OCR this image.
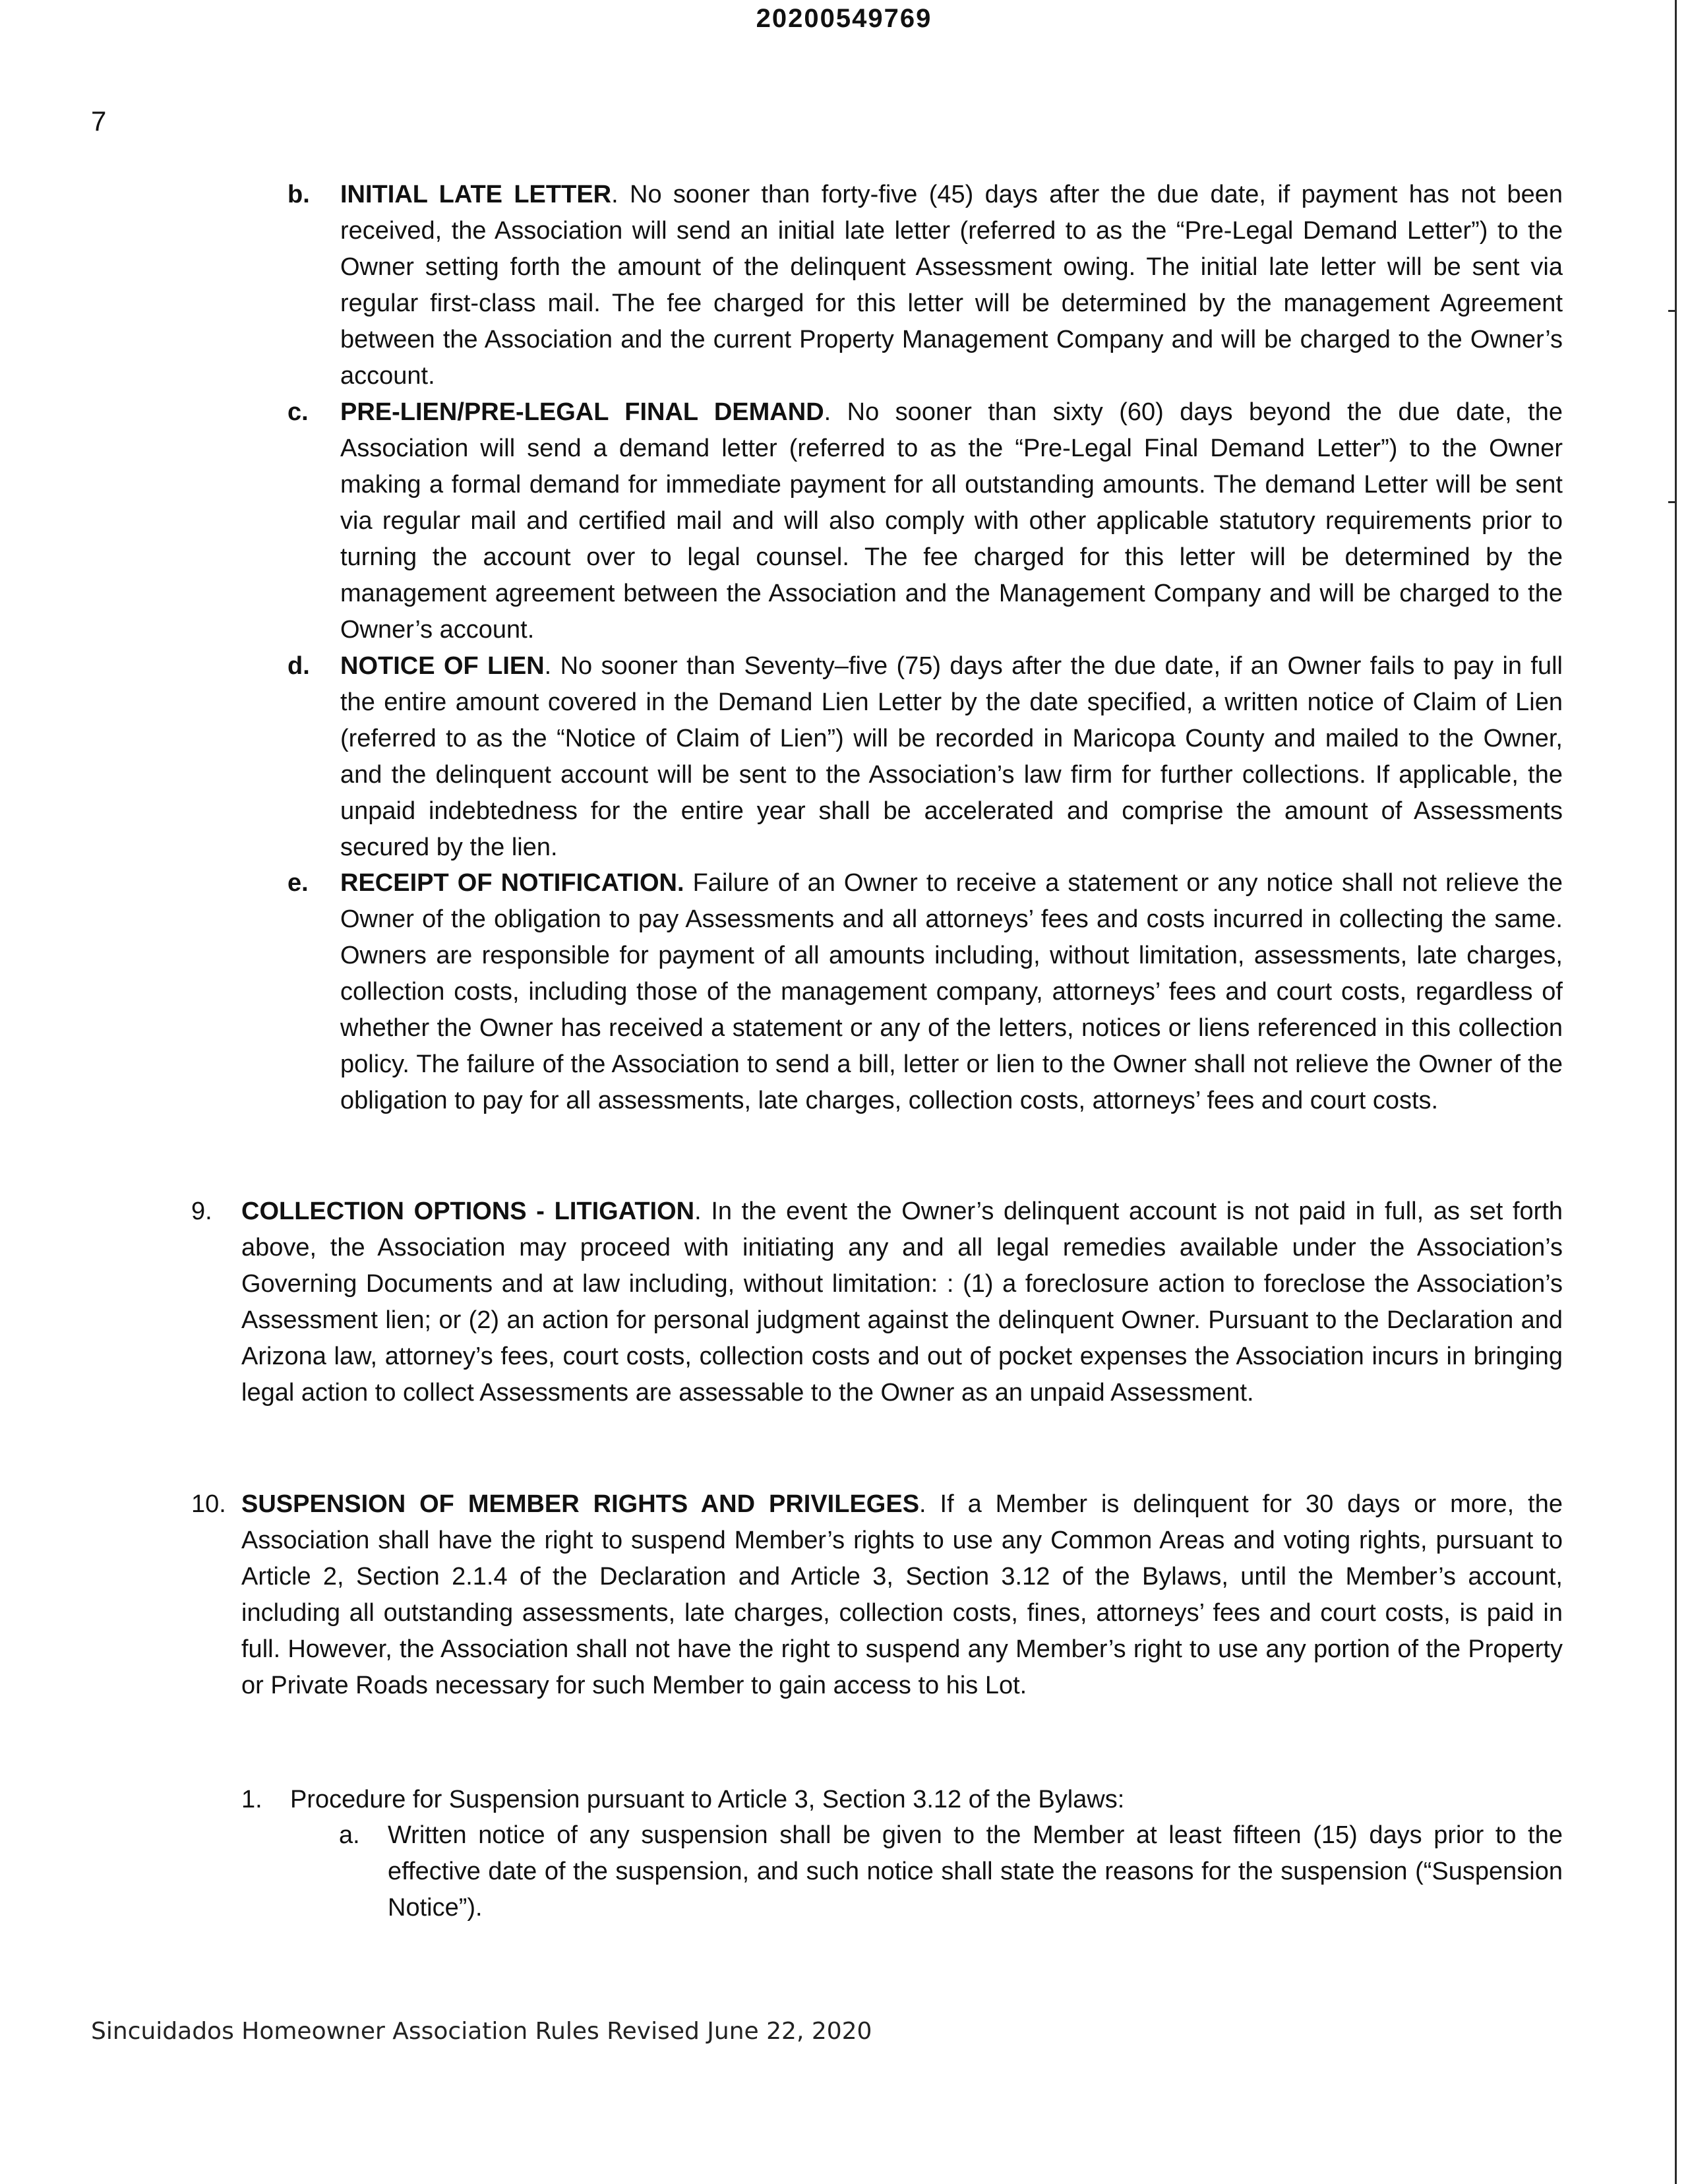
20200549769
7
b. INITIAL LATE LETTER. No sooner than forty-five (45) days after the due date, if payment has not been received, the Association will send an initial late letter (referred to as the “Pre-Legal Demand Letter”) to the Owner setting forth the amount of the delinquent Assessment owing. The initial late letter will be sent via regular first-class mail. The fee charged for this letter will be determined by the management Agreement between the Association and the current Property Management Company and will be charged to the Owner’s account.
c. PRE-LIEN/PRE-LEGAL FINAL DEMAND. No sooner than sixty (60) days beyond the due date, the Association will send a demand letter (referred to as the “Pre-Legal Final Demand Letter”) to the Owner making a formal demand for immediate payment for all outstanding amounts. The demand Letter will be sent via regular mail and certified mail and will also comply with other applicable statutory requirements prior to turning the account over to legal counsel. The fee charged for this letter will be determined by the management agreement between the Association and the Management Company and will be charged to the Owner’s account.
d. NOTICE OF LIEN. No sooner than Seventy–five (75) days after the due date, if an Owner fails to pay in full the entire amount covered in the Demand Lien Letter by the date specified, a written notice of Claim of Lien (referred to as the “Notice of Claim of Lien”) will be recorded in Maricopa County and mailed to the Owner, and the delinquent account will be sent to the Association’s law firm for further collections. If applicable, the unpaid indebtedness for the entire year shall be accelerated and comprise the amount of Assessments secured by the lien.
e. RECEIPT OF NOTIFICATION. Failure of an Owner to receive a statement or any notice shall not relieve the Owner of the obligation to pay Assessments and all attorneys’ fees and costs incurred in collecting the same. Owners are responsible for payment of all amounts including, without limitation, assessments, late charges, collection costs, including those of the management company, attorneys’ fees and court costs, regardless of whether the Owner has received a statement or any of the letters, notices or liens referenced in this collection policy. The failure of the Association to send a bill, letter or lien to the Owner shall not relieve the Owner of the obligation to pay for all assessments, late charges, collection costs, attorneys’ fees and court costs.
9. COLLECTION OPTIONS - LITIGATION. In the event the Owner’s delinquent account is not paid in full, as set forth above, the Association may proceed with initiating any and all legal remedies available under the Association’s Governing Documents and at law including, without limitation: : (1) a foreclosure action to foreclose the Association’s Assessment lien; or (2) an action for personal judgment against the delinquent Owner. Pursuant to the Declaration and Arizona law, attorney’s fees, court costs, collection costs and out of pocket expenses the Association incurs in bringing legal action to collect Assessments are assessable to the Owner as an unpaid Assessment.
10. SUSPENSION OF MEMBER RIGHTS AND PRIVILEGES. If a Member is delinquent for 30 days or more, the Association shall have the right to suspend Member’s rights to use any Common Areas and voting rights, pursuant to Article 2, Section 2.1.4 of the Declaration and Article 3, Section 3.12 of the Bylaws, until the Member’s account, including all outstanding assessments, late charges, collection costs, fines, attorneys’ fees and court costs, is paid in full. However, the Association shall not have the right to suspend any Member’s right to use any portion of the Property or Private Roads necessary for such Member to gain access to his Lot.
1. Procedure for Suspension pursuant to Article 3, Section 3.12 of the Bylaws:
a. Written notice of any suspension shall be given to the Member at least fifteen (15) days prior to the effective date of the suspension, and such notice shall state the reasons for the suspension (“Suspension Notice”).
Sincuidados Homeowner Association Rules Revised June 22, 2020
